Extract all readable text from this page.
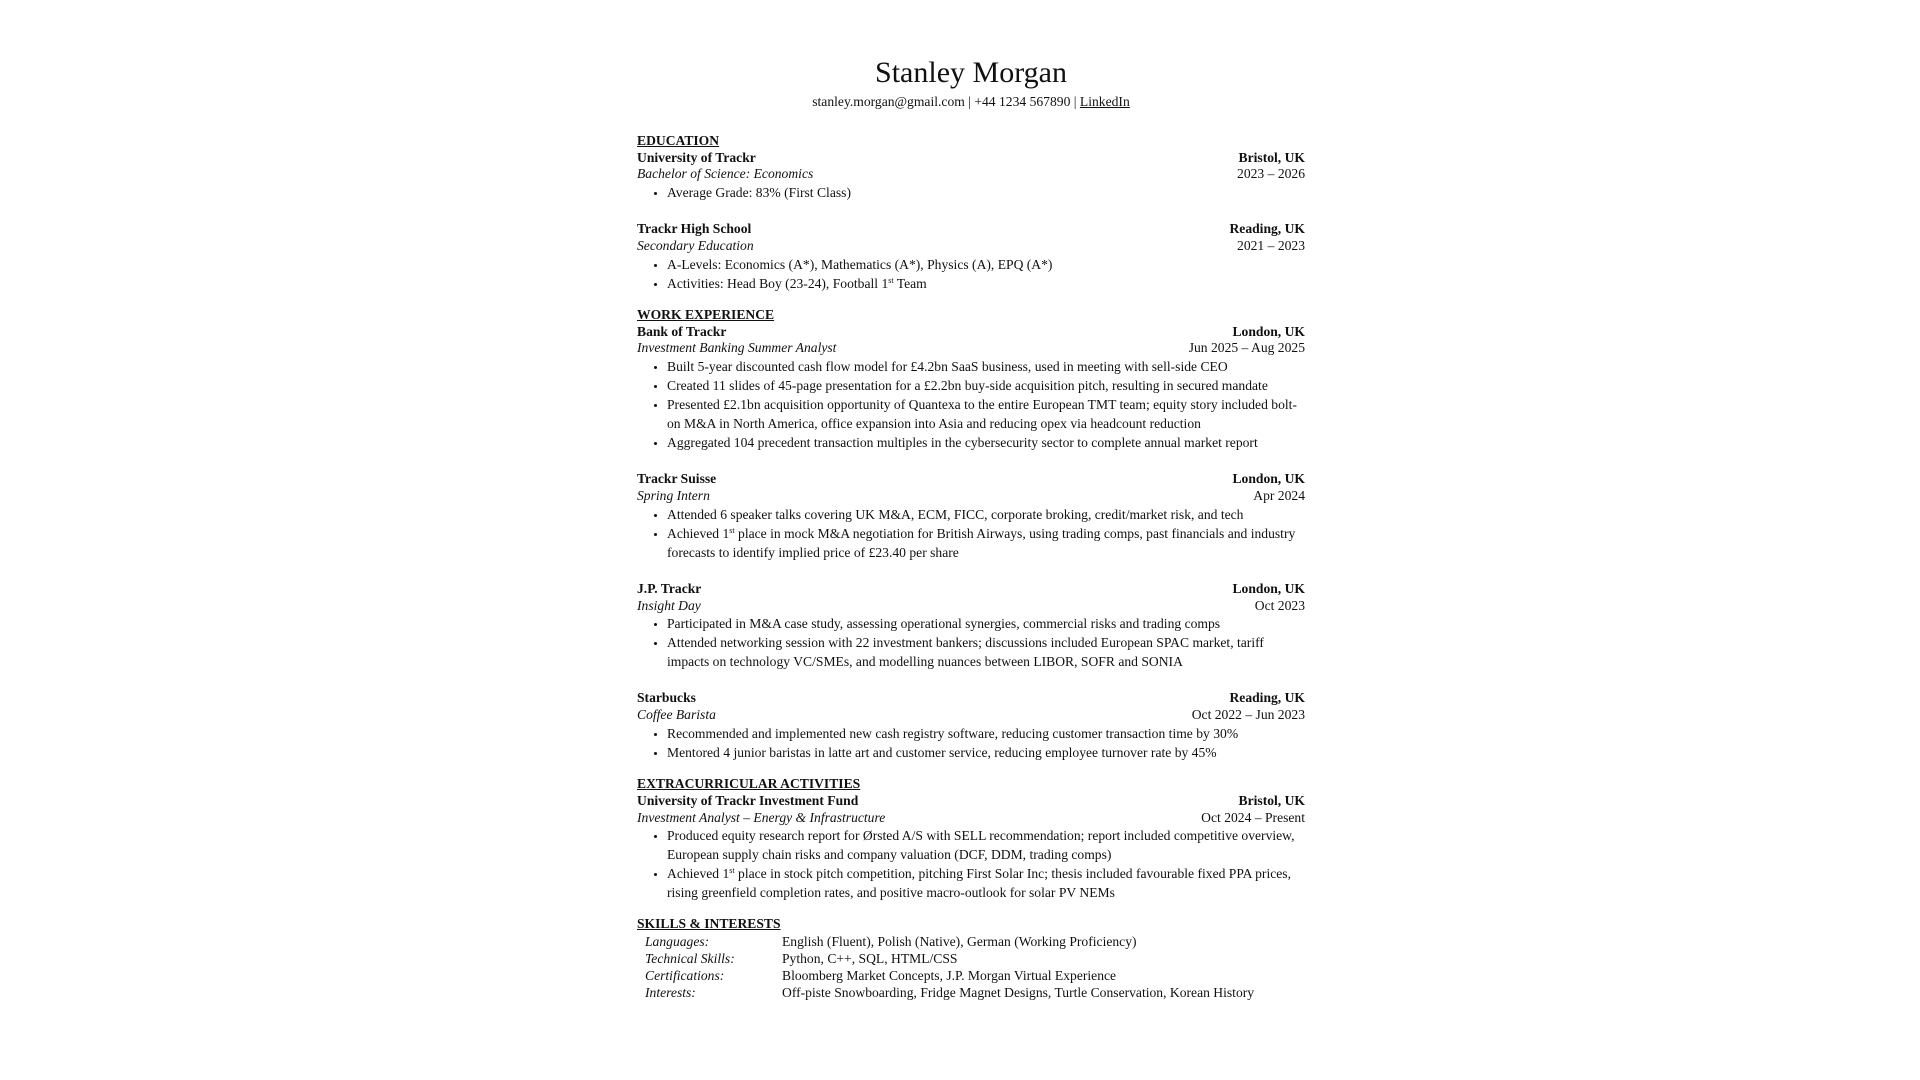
Stanley Morgan
stanley.morgan@gmail.com | +44 1234 567890 | LinkedIn
EDUCATION
University of Trackr	Bristol, UK
Bachelor of Science: Economics	2023 – 2026
• Average Grade: 83% (First Class)
Trackr High School	Reading, UK
Secondary Education	2021 – 2023
• A-Levels: Economics (A*), Mathematics (A*), Physics (A), EPQ (A*)
• Activities: Head Boy (23-24), Football 1st Team
WORK EXPERIENCE
Bank of Trackr	London, UK
Investment Banking Summer Analyst	Jun 2025 – Aug 2025
• Built 5-year discounted cash flow model for £4.2bn SaaS business, used in meeting with sell-side CEO
• Created 11 slides of 45-page presentation for a £2.2bn buy-side acquisition pitch, resulting in secured mandate
• Presented £2.1bn acquisition opportunity of Quantexa to the entire European TMT team; equity story included bolt-on M&A in North America, office expansion into Asia and reducing opex via headcount reduction
• Aggregated 104 precedent transaction multiples in the cybersecurity sector to complete annual market report
Trackr Suisse	London, UK
Spring Intern	Apr 2024
• Attended 6 speaker talks covering UK M&A, ECM, FICC, corporate broking, credit/market risk, and tech
• Achieved 1st place in mock M&A negotiation for British Airways, using trading comps, past financials and industry forecasts to identify implied price of £23.40 per share
J.P. Trackr	London, UK
Insight Day	Oct 2023
• Participated in M&A case study, assessing operational synergies, commercial risks and trading comps
• Attended networking session with 22 investment bankers; discussions included European SPAC market, tariff impacts on technology VC/SMEs, and modelling nuances between LIBOR, SOFR and SONIA
Starbucks	Reading, UK
Coffee Barista	Oct 2022 – Jun 2023
• Recommended and implemented new cash registry software, reducing customer transaction time by 30%
• Mentored 4 junior baristas in latte art and customer service, reducing employee turnover rate by 45%
EXTRACURRICULAR ACTIVITIES
University of Trackr Investment Fund	Bristol, UK
Investment Analyst – Energy & Infrastructure	Oct 2024 – Present
• Produced equity research report for Ørsted A/S with SELL recommendation; report included competitive overview, European supply chain risks and company valuation (DCF, DDM, trading comps)
• Achieved 1st place in stock pitch competition, pitching First Solar Inc; thesis included favourable fixed PPA prices, rising greenfield completion rates, and positive macro-outlook for solar PV NEMs
SKILLS & INTERESTS
Languages:	English (Fluent), Polish (Native), German (Working Proficiency)
Technical Skills:	Python, C++, SQL, HTML/CSS
Certifications:	Bloomberg Market Concepts, J.P. Morgan Virtual Experience
Interests:	Off-piste Snowboarding, Fridge Magnet Designs, Turtle Conservation, Korean History
